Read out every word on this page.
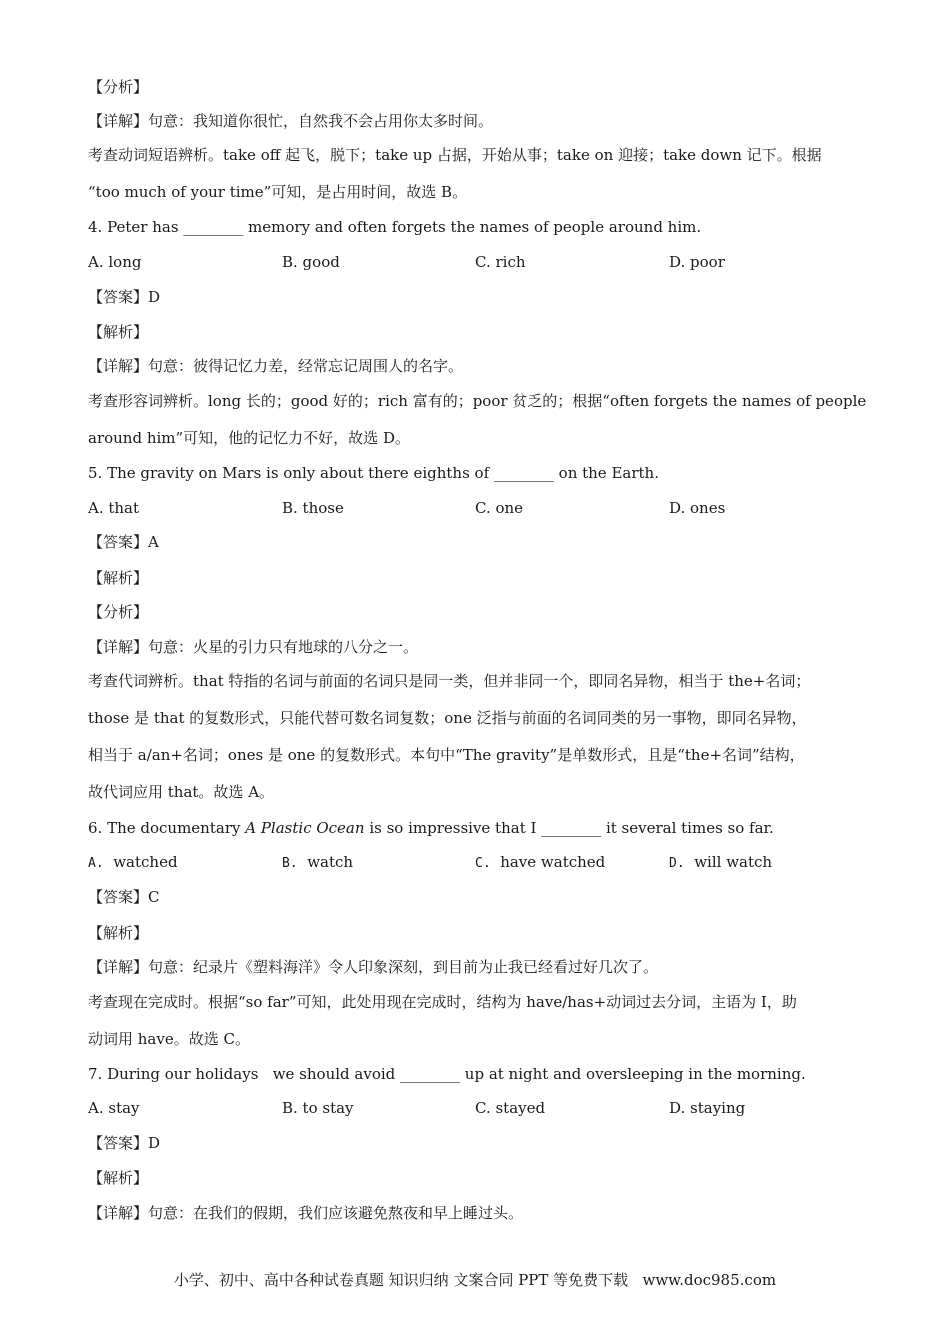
【分析】
【详解】句意：我知道你很忙，自然我不会占用你太多时间。
考查动词短语辨析。take off 起飞，脱下；take up 占据，开始从事；take on 迎接；take down 记下。根据
“too much of your time”可知，是占用时间，故选 B。
4. Peter has ________ memory and often forgets the names of people around him.
A. long	B. good	C. rich	D. poor
【答案】D
【解析】
【详解】句意：彼得记忆力差，经常忘记周围人的名字。
考查形容词辨析。long 长的；good 好的；rich 富有的；poor 贫乏的；根据“often forgets the names of people
around him”可知，他的记忆力不好，故选 D。
5. The gravity on Mars is only about there eighths of ________ on the Earth.
A. that	B. those	C. one	D. ones
【答案】A
【解析】
【分析】
【详解】句意：火星的引力只有地球的八分之一。
考查代词辨析。that 特指的名词与前面的名词只是同一类，但并非同一个，即同名异物，相当于 the+名词；
those 是 that 的复数形式，只能代替可数名词复数；one 泛指与前面的名词同类的另一事物，即同名异物，
相当于 a/an+名词；ones 是 one 的复数形式。本句中“The gravity”是单数形式，且是“the+名词”结构，
故代词应用 that。故选 A。
6. The documentary A Plastic Ocean is so impressive that I ________ it several times so far.
A. watched	B. watch	C. have watched	D. will watch
【答案】C
【解析】
【详解】句意：纪录片《塑料海洋》令人印象深刻，到目前为止我已经看过好几次了。
考查现在完成时。根据“so far”可知，此处用现在完成时，结构为 have/has+动词过去分词，主语为 I，助
动词用 have。故选 C。
7. During our holidays   we should avoid ________ up at night and oversleeping in the morning.
A. stay	B. to stay	C. stayed	D. staying
【答案】D
【解析】
【详解】句意：在我们的假期，我们应该避免熬夜和早上睡过头。
小学、初中、高中各种试卷真题 知识归纳 文案合同 PPT 等免费下载   www.doc985.com
